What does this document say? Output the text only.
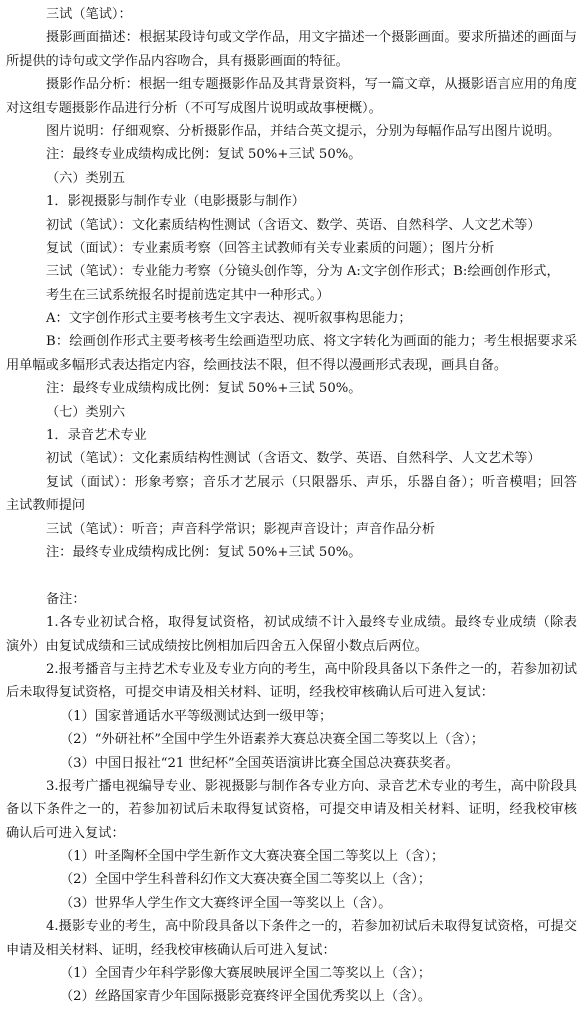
三试（笔试）：
摄影画面描述：根据某段诗句或文学作品，用文字描述一个摄影画面。要求所描述的画面与
所提供的诗句或文学作品内容吻合，具有摄影画面的特征。
摄影作品分析：根据一组专题摄影作品及其背景资料，写一篇文章，从摄影语言应用的角度
对这组专题摄影作品进行分析（不可写成图片说明或故事梗概）。
图片说明：仔细观察、分析摄影作品，并结合英文提示，分别为每幅作品写出图片说明。
注：最终专业成绩构成比例：复试 50%+三试 50%。
（六）类别五
1．影视摄影与制作专业（电影摄影与制作）
初试（笔试）：文化素质结构性测试（含语文、数学、英语、自然科学、人文艺术等）
复试（面试）：专业素质考察（回答主试教师有关专业素质的问题）；图片分析
三试（笔试）：专业能力考察（分镜头创作等，分为 A:文字创作形式；B:绘画创作形式，
考生在三试系统报名时提前选定其中一种形式。）
A：文字创作形式主要考核考生文字表达、视听叙事构思能力；
B：绘画创作形式主要考核考生绘画造型功底、将文字转化为画面的能力；考生根据要求采
用单幅或多幅形式表达指定内容，绘画技法不限，但不得以漫画形式表现，画具自备。
注：最终专业成绩构成比例：复试 50%+三试 50%。
（七）类别六
1．录音艺术专业
初试（笔试）：文化素质结构性测试（含语文、数学、英语、自然科学、人文艺术等）
复试（面试）：形象考察；音乐才艺展示（只限器乐、声乐，乐器自备）；听音模唱；回答
主试教师提问
三试（笔试）：听音；声音科学常识；影视声音设计；声音作品分析
注：最终专业成绩构成比例：复试 50%+三试 50%。
备注：
1.各专业初试合格，取得复试资格，初试成绩不计入最终专业成绩。最终专业成绩（除表
演外）由复试成绩和三试成绩按比例相加后四舍五入保留小数点后两位。
2.报考播音与主持艺术专业及专业方向的考生，高中阶段具备以下条件之一的，若参加初试
后未取得复试资格，可提交申请及相关材料、证明，经我校审核确认后可进入复试：
（1）国家普通话水平等级测试达到一级甲等；
（2）“外研社杯”全国中学生外语素养大赛总决赛全国二等奖以上（含）；
（3）中国日报社“21 世纪杯”全国英语演讲比赛全国总决赛获奖者。
3.报考广播电视编导专业、影视摄影与制作各专业方向、录音艺术专业的考生，高中阶段具
备以下条件之一的，若参加初试后未取得复试资格，可提交申请及相关材料、证明，经我校审核
确认后可进入复试：
（1）叶圣陶杯全国中学生新作文大赛决赛全国二等奖以上（含）；
（2）全国中学生科普科幻作文大赛决赛全国二等奖以上（含）；
（3）世界华人学生作文大赛终评全国一等奖以上（含）。
4.摄影专业的考生，高中阶段具备以下条件之一的，若参加初试后未取得复试资格，可提交
申请及相关材料、证明，经我校审核确认后可进入复试：
（1）全国青少年科学影像大赛展映展评全国二等奖以上（含）；
（2）丝路国家青少年国际摄影竞赛终评全国优秀奖以上（含）。
